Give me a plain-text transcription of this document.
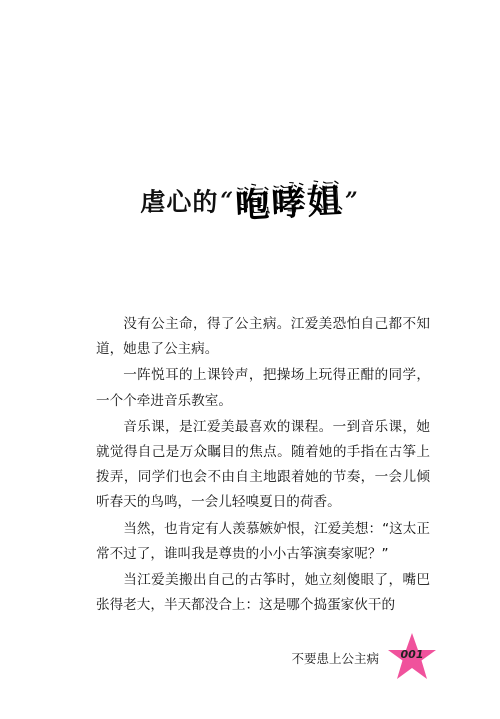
虐心的“咆哮姐”

没有公主命，得了公主病。江爱美恐怕自己都不知道，她患了公主病。

一阵悦耳的上课铃声，把操场上玩得正酣的同学，一个个牵进音乐教室。

音乐课，是江爱美最喜欢的课程。一到音乐课，她就觉得自己是万众瞩目的焦点。随着她的手指在古筝上拨弄，同学们也会不由自主地跟着她的节奏，一会儿倾听春天的鸟鸣，一会儿轻嗅夏日的荷香。

当然，也肯定有人羡慕嫉妒恨，江爱美想：“这太正常不过了，谁叫我是尊贵的小小古筝演奏家呢？”

当江爱美搬出自己的古筝时，她立刻傻眼了，嘴巴张得老大，半天都没合上：这是哪个捣蛋家伙干的

不要患上公主病	001
